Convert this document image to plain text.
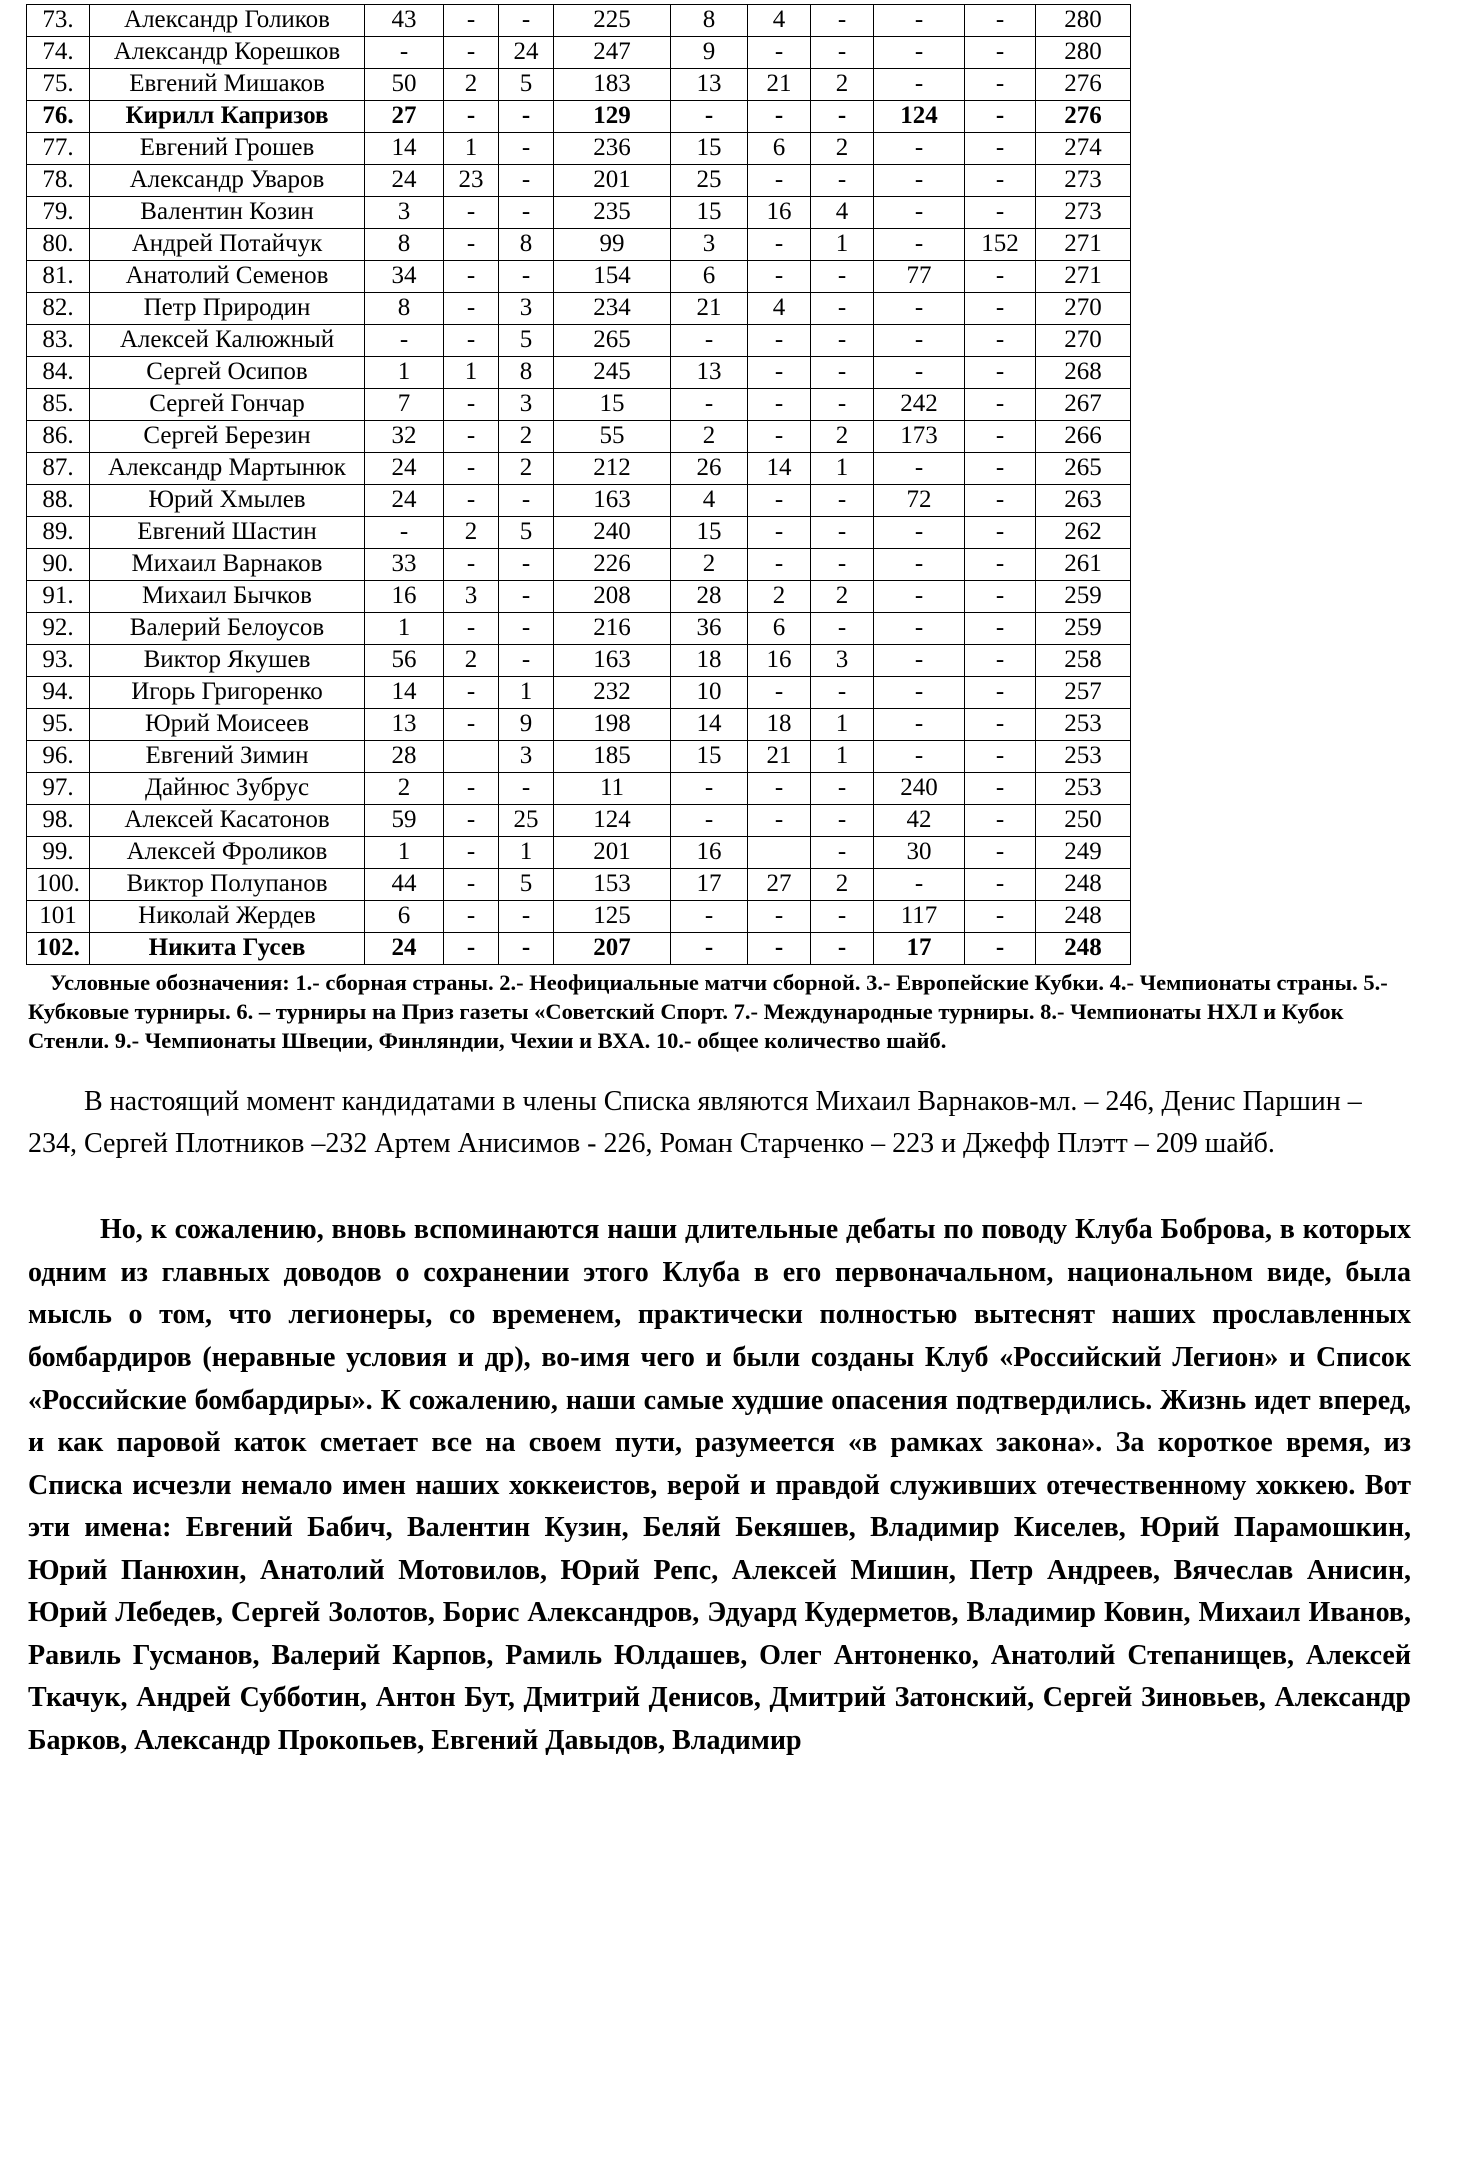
73.	Александр Голиков	43	-	-	225	8	4	-	-	-	280
74.	Александр Корешков	-	-	24	247	9	-	-	-	-	280
75.	Евгений Мишаков	50	2	5	183	13	21	2	-	-	276
76.	Кирилл Капризов	27	-	-	129	-	-	-	124	-	276
77.	Евгений Грошев	14	1	-	236	15	6	2	-	-	274
78.	Александр Уваров	24	23	-	201	25	-	-	-	-	273
79.	Валентин Козин	3	-	-	235	15	16	4	-	-	273
80.	Андрей Потайчук	8	-	8	99	3	-	1	-	152	271
81.	Анатолий Семенов	34	-	-	154	6	-	-	77	-	271
82.	Петр Природин	8	-	3	234	21	4	-	-	-	270
83.	Алексей Калюжный	-	-	5	265	-	-	-	-	-	270
84.	Сергей Осипов	1	1	8	245	13	-	-	-	-	268
85.	Сергей Гончар	7	-	3	15	-	-	-	242	-	267
86.	Сергей Березин	32	-	2	55	2	-	2	173	-	266
87.	Александр Мартынюк	24	-	2	212	26	14	1	-	-	265
88.	Юрий Хмылев	24	-	-	163	4	-	-	72	-	263
89.	Евгений Шастин	-	2	5	240	15	-	-	-	-	262
90.	Михаил Варнаков	33	-	-	226	2	-	-	-	-	261
91.	Михаил Бычков	16	3	-	208	28	2	2	-	-	259
92.	Валерий Белоусов	1	-	-	216	36	6	-	-	-	259
93.	Виктор Якушев	56	2	-	163	18	16	3	-	-	258
94.	Игорь Григоренко	14	-	1	232	10	-	-	-	-	257
95.	Юрий Моисеев	13	-	9	198	14	18	1	-	-	253
96.	Евгений Зимин	28		3	185	15	21	1	-	-	253
97.	Дайнюс Зубрус	2	-	-	11	-	-	-	240	-	253
98.	Алексей Касатонов	59	-	25	124	-	-	-	42	-	250
99.	Алексей Фроликов	1	-	1	201	16		-	30	-	249
100.	Виктор Полупанов	44	-	5	153	17	27	2	-	-	248
101	Николай Жердев	6	-	-	125	-	-	-	117	-	248
102.	Никита Гусев	24	-	-	207	-	-	-	17	-	248
Условные обозначения: 1.- сборная страны. 2.- Неофициальные матчи сборной. 3.- Европейские Кубки. 4.- Чемпионаты страны. 5.- Кубковые турниры. 6. – турниры на Приз газеты «Советский Спорт. 7.- Международные турниры. 8.- Чемпионаты НХЛ и Кубок Стенли. 9.- Чемпионаты Швеции, Финляндии, Чехии и ВХА. 10.- общее количество шайб.

В настоящий момент кандидатами в члены Списка являются Михаил Варнаков-мл. – 246, Денис Паршин – 234, Сергей Плотников –232 Артем Анисимов - 226, Роман Старченко – 223 и Джефф Плэтт – 209 шайб.

Но, к сожалению, вновь вспоминаются наши длительные дебаты по поводу Клуба Боброва, в которых одним из главных доводов о сохранении этого Клуба в его первоначальном, национальном виде, была мысль о том, что легионеры, со временем, практически полностью вытеснят наших прославленных бомбардиров (неравные условия и др), во-имя чего и были созданы Клуб «Российский Легион» и Список «Российские бомбардиры». К сожалению, наши самые худшие опасения подтвердились. Жизнь идет вперед, и как паровой каток сметает все на своем пути, разумеется «в рамках закона». За короткое время, из Списка исчезли немало имен наших хоккеистов, верой и правдой служивших отечественному хоккею. Вот эти имена: Евгений Бабич, Валентин Кузин, Беляй Бекяшев, Владимир Киселев, Юрий Парамошкин, Юрий Панюхин, Анатолий Мотовилов, Юрий Репс, Алексей Мишин, Петр Андреев, Вячеслав Анисин, Юрий Лебедев, Сергей Золотов, Борис Александров, Эдуард Кудерметов, Владимир Ковин, Михаил Иванов, Равиль Гусманов, Валерий Карпов, Рамиль Юлдашев, Олег Антоненко, Анатолий Степанищев, Алексей Ткачук, Андрей Субботин, Антон Бут, Дмитрий Денисов, Дмитрий Затонский, Сергей Зиновьев, Александр Барков, Александр Прокопьев, Евгений Давыдов, Владимир
